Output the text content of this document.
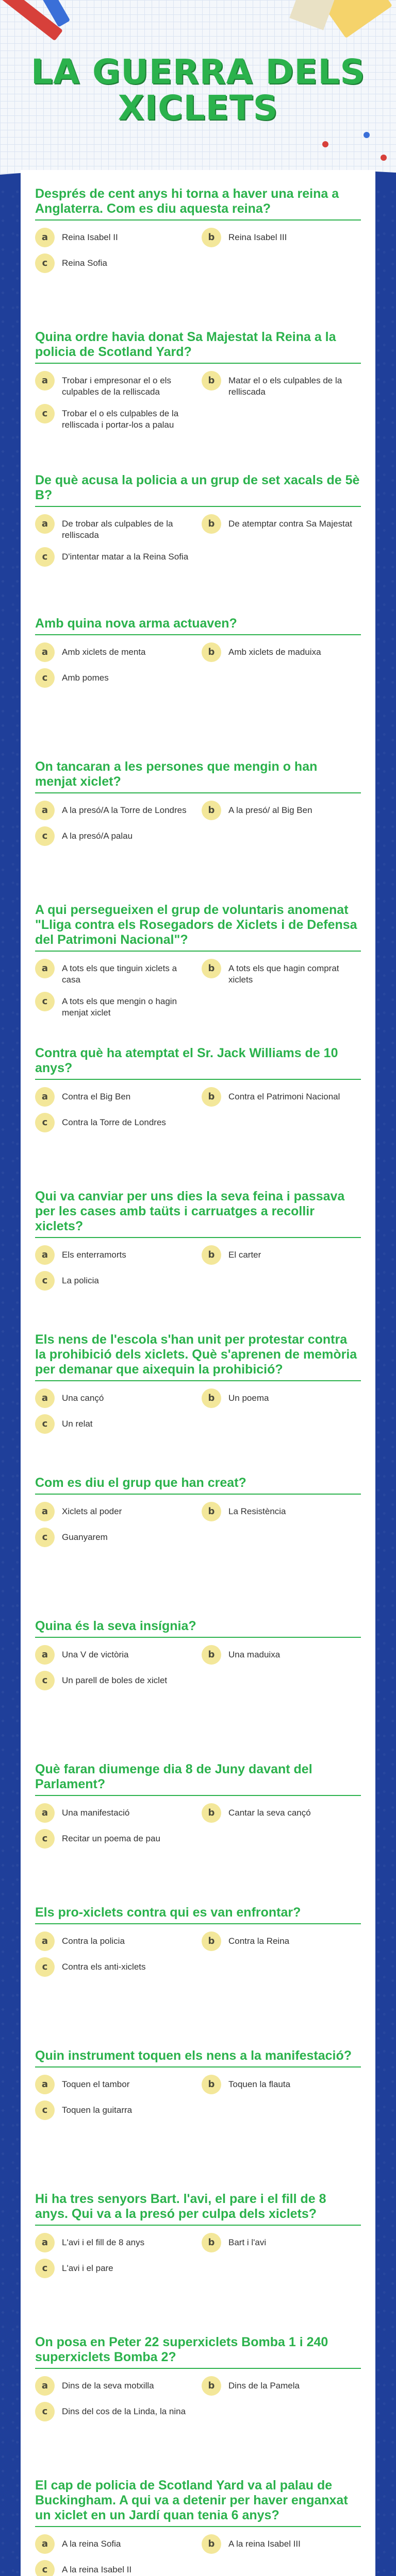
LA GUERRA DELS XICLETS
Després de cent anys hi torna a haver una reina a Anglaterra. Com es diu aquesta reina?
a	Reina Isabel II	b	Reina Isabel III
c	Reina Sofia
Quina ordre havia donat Sa Majestat la Reina a la policia de Scotland Yard?
a	Trobar i empresonar el o els culpables de la relliscada
b	Matar el o els culpables de la relliscada
c	Trobar el o els culpables de la relliscada i portar-los a palau
De què acusa la policia a un grup de set xacals de 5è B?
a	De trobar als culpables de la relliscada
b	De atemptar contra Sa Majestat
c	D'intentar matar a la Reina Sofia
Amb quina nova arma actuaven?
a	Amb xiclets de menta	b	Amb xiclets de maduixa
c	Amb pomes
On tancaran a les persones que mengin o han menjat xiclet?
a	A la presó/A la Torre de Londres	b	A la presó/ al Big Ben
c	A la presó/A palau
A qui persegueixen el grup de voluntaris anomenat "Lliga contra els Rosegadors de Xiclets i de Defensa del Patrimoni Nacional"?
a	A tots els que tinguin xiclets a casa
b	A tots els que hagin comprat xiclets
c	A tots els que mengin o hagin menjat xiclet
Contra què ha atemptat el Sr. Jack Williams de 10 anys?
a	Contra el Big Ben	b	Contra el Patrimoni Nacional
c	Contra la Torre de Londres
Qui va canviar per uns dies la seva feina i passava per les cases amb taüts i carruatges a recollir xiclets?
a	Els enterramorts	b	El carter
c	La policia
Els nens de l'escola s'han unit per protestar contra la prohibició dels xiclets. Què s'aprenen de memòria per demanar que aixequin la prohibició?
a	Una cançó	b	Un poema
c	Un relat
Com es diu el grup que han creat?
a	Xiclets al poder	b	La Resistència
c	Guanyarem
Quina és la seva insígnia?
a	Una V de victòria	b	Una maduixa
c	Un parell de boles de xiclet
Què faran diumenge dia 8 de Juny davant del Parlament?
a	Una manifestació	b	Cantar la seva cançó
c	Recitar un poema de pau
Els pro-xiclets contra qui es van enfrontar?
a	Contra la policia	b	Contra la Reina
c	Contra els anti-xiclets
Quin instrument toquen els nens a la manifestació?
a	Toquen el tambor	b	Toquen la flauta
c	Toquen la guitarra
Hi ha tres senyors Bart. l'avi, el pare i el fill de 8 anys. Qui va a la presó per culpa dels xiclets?
a	L'avi i el fill de 8 anys	b	Bart i l'avi
c	L'avi i el pare
On posa en Peter 22 superxiclets Bomba 1 i 240 superxiclets Bomba 2?
a	Dins de la seva motxilla	b	Dins de la Pamela
c	Dins del cos de la Linda, la nina
El cap de policia de Scotland Yard va al palau de Buckingham. A qui va a detenir per haver enganxat un xiclet en un Jardí quan tenia 6 anys?
a	A la reina Sofia	b	A la reina Isabel III
c	A la reina Isabel II
